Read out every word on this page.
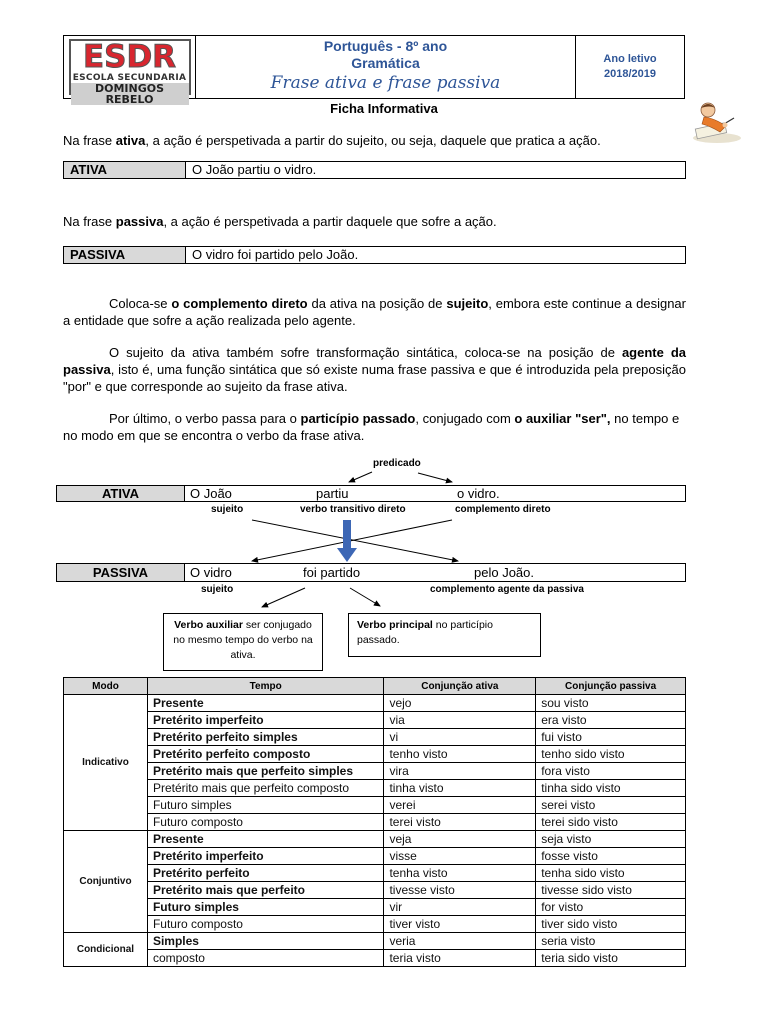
ESDR
ESCOLA SECUNDARIA
DOMINGOS REBELO
Português - 8º ano
Gramática
Frase ativa e frase passiva
Ano letivo
2018/2019
Ficha Informativa
Na frase ativa, a ação é perspetivada a partir do sujeito, ou seja, daquele que pratica a ação.
ATIVA	O João partiu o vidro.
Na frase passiva, a ação é perspetivada a partir daquele que sofre a ação.
PASSIVA	O vidro foi partido pelo João.
Coloca-se o complemento direto da ativa na posição de sujeito, embora este continue a designar a entidade que sofre a ação realizada pelo agente.
O sujeito da ativa também sofre transformação sintática, coloca-se na posição de agente da passiva, isto é, uma função sintática que só existe numa frase passiva e que é introduzida pela preposição "por" e que corresponde ao sujeito da frase ativa.
Por último, o verbo passa para o particípio passado, conjugado com o auxiliar "ser", no tempo e no modo em que se encontra o verbo da frase ativa.
predicado
ATIVA	O João	partiu	o vidro.
sujeito	verbo transitivo direto	complemento direto
PASSIVA	O vidro	foi partido	pelo João.
sujeito	complemento agente da passiva
Verbo auxiliar ser conjugado no mesmo tempo do verbo na ativa.
Verbo principal no particípio passado.
Modo	Tempo	Conjunção ativa	Conjunção passiva
Indicativo	Presente	vejo	sou visto
	Pretérito imperfeito	via	era visto
	Pretérito perfeito simples	vi	fui visto
	Pretérito perfeito composto	tenho visto	tenho sido visto
	Pretérito mais que perfeito simples	vira	fora visto
	Pretérito mais que perfeito composto	tinha visto	tinha sido visto
	Futuro simples	verei	serei visto
	Futuro composto	terei visto	terei sido visto
Conjuntivo	Presente	veja	seja visto
	Pretérito imperfeito	visse	fosse visto
	Pretérito perfeito	tenha visto	tenha sido visto
	Pretérito mais que perfeito	tivesse visto	tivesse sido visto
	Futuro simples	vir	for visto
	Futuro composto	tiver visto	tiver sido visto
Condicional	Simples	veria	seria visto
	composto	teria visto	teria sido visto
